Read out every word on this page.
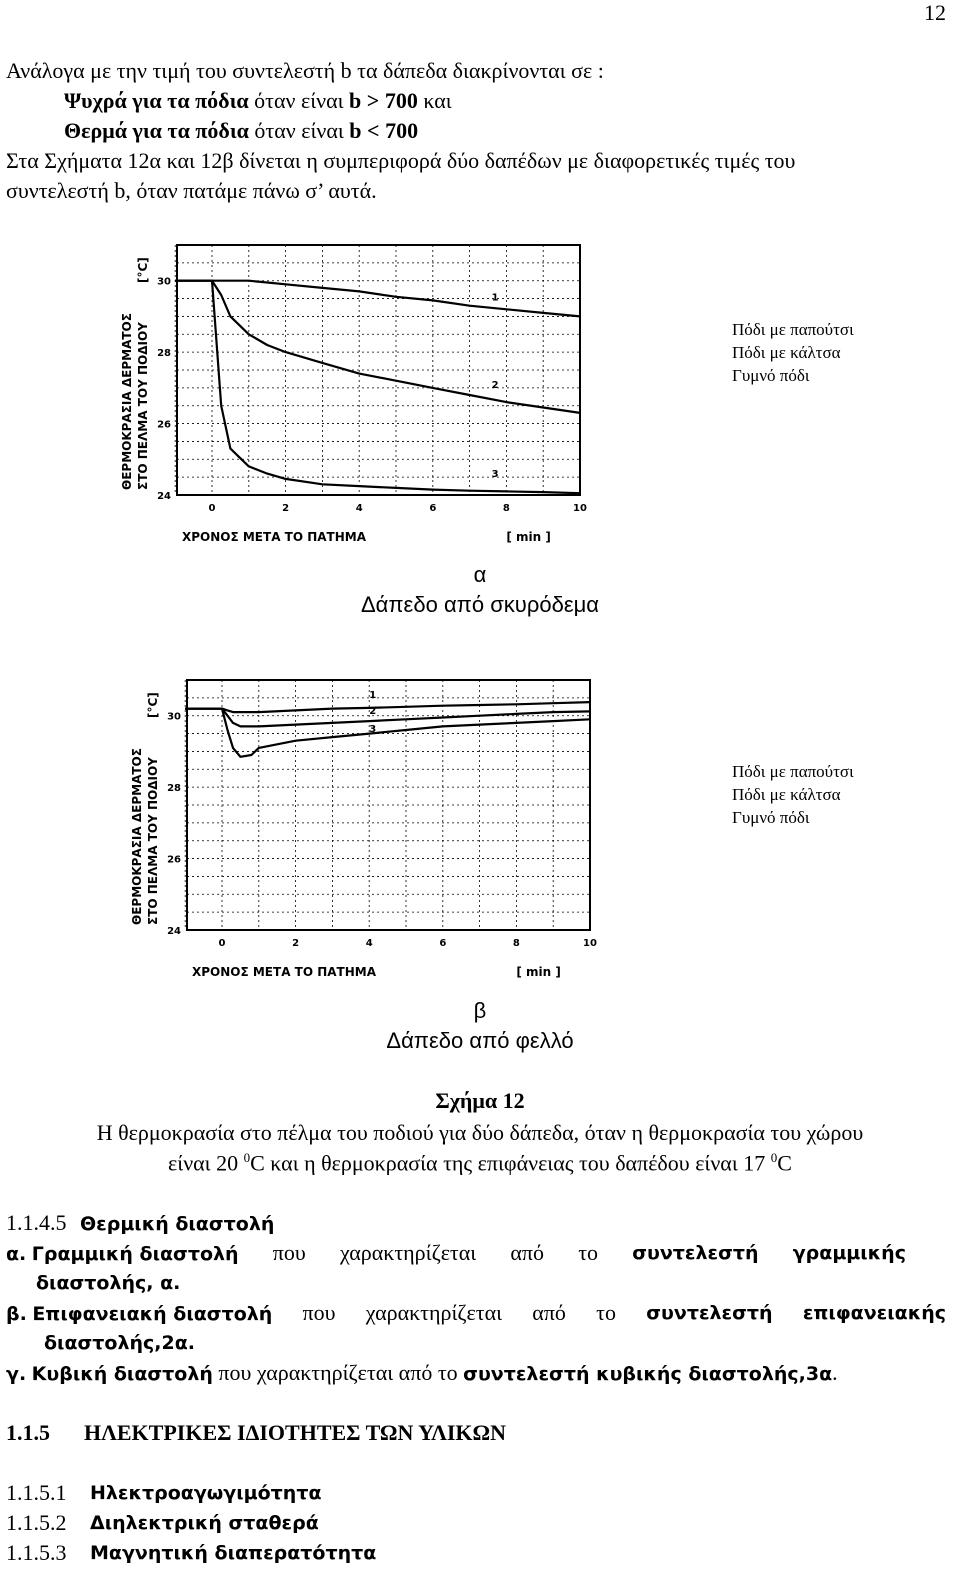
12
Ανάλογα με την τιμή του συντελεστή b τα δάπεδα διακρίνονται σε :
Ψυχρά για τα πόδια όταν είναι b > 700 και
Θερμά για τα πόδια όταν είναι b < 700
Στα Σχήματα 12α και 12β δίνεται η συμπεριφορά δύο δαπέδων με διαφορετικές τιμές του
συντελεστή b, όταν πατάμε πάνω σ’ αυτά.
0	2	4	6	8	10
24
26
28
30
ΧΡΟΝΟΣ ΜΕΤΑ ΤΟ ΠΑΤΗΜΑ	[ min ]
ΘΕΡΜΟΚΡΑΣΙΑ ΔΕΡΜΑΤΟΣ ΣΤΟ ΠΕΛΜΑ ΤΟΥ ΠΟΔΙΟΥ
[°C]
1
2
3
Πόδι με παπούτσι
Πόδι με κάλτσα
Γυμνό πόδι
α
Δάπεδο από σκυρόδεμα
0	2	4	6	8	10
24
26
28
30
ΧΡΟΝΟΣ ΜΕΤΑ ΤΟ ΠΑΤΗΜΑ	[ min ]
ΘΕΡΜΟΚΡΑΣΙΑ ΔΕΡΜΑΤΟΣ ΣΤΟ ΠΕΛΜΑ ΤΟΥ ΠΟΔΙΟΥ
[°C]	1
2
3
Πόδι με παπούτσι
Πόδι με κάλτσα
Γυμνό πόδι
β
Δάπεδο από φελλό
Σχήμα 12
Η θερμοκρασία στο πέλμα του ποδιού για δύο δάπεδα, όταν η θερμοκρασία του χώρου
είναι 20 $^0$C και η θερμοκρασία της επιφάνειας του δαπέδου είναι 17 $^0$C
1.1.4.5 Θερμική διαστολή
α. Γραμμική διαστολή που χαρακτηρίζεται από το συντελεστή γραμμικής
διαστολής, α.
β. Επιφανειακή διαστολή που χαρακτηρίζεται από το συντελεστή επιφανειακής
διαστολής,2α.
γ. Κυβική διαστολή που χαρακτηρίζεται από το συντελεστή κυβικής διαστολής,3α.
1.1.5 ΗΛΕΚΤΡΙΚΕΣ ΙΔΙΟΤΗΤΕΣ ΤΩΝ ΥΛΙΚΩΝ
1.1.5.1 Ηλεκτροαγωγιμότητα
1.1.5.2 Διηλεκτρική σταθερά
1.1.5.3 Μαγνητική διαπερατότητα
